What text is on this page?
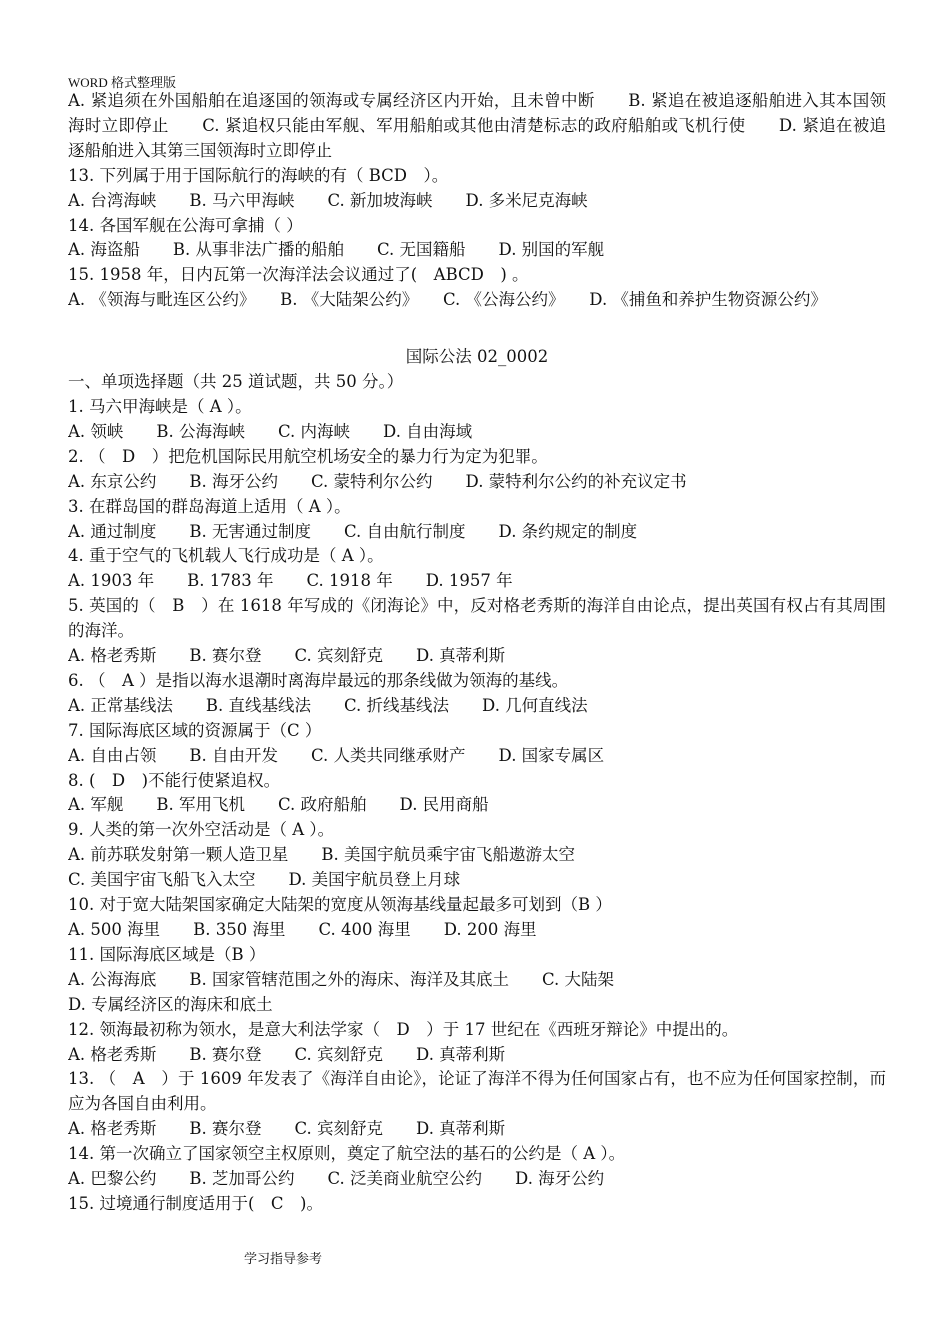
WORD 格式整理版
A. 紧追须在外国船舶在追逐国的领海或专属经济区内开始，且未曾中断　　B. 紧追在被追逐船舶进入其本国领海时立即停止　　C. 紧追权只能由军舰、军用船舶或其他由清楚标志的政府船舶或飞机行使　　D. 紧追在被追逐船舶进入其第三国领海时立即停止
13. 下列属于用于国际航行的海峡的有（ BCD　）。
A. 台湾海峡　　B. 马六甲海峡　　C. 新加坡海峡　　D. 多米尼克海峡
14. 各国军舰在公海可拿捕（ ）
A. 海盗船　　B. 从事非法广播的船舶　　C. 无国籍船　　D. 别国的军舰
15. 1958 年，日内瓦第一次海洋法会议通过了(　ABCD　) 。
A. 《领海与毗连区公约》　　B. 《大陆架公约》　　C. 《公海公约》　　D. 《捕鱼和养护生物资源公约》
国际公法 02_0002
一、单项选择题（共 25 道试题，共 50 分。）
1. 马六甲海峡是（ A ）。
A. 领峡　　B. 公海海峡　　C. 内海峡　　D. 自由海域
2. （　D　）把危机国际民用航空机场安全的暴力行为定为犯罪。
A. 东京公约　　B. 海牙公约　　C. 蒙特利尔公约　　D. 蒙特利尔公约的补充议定书
3. 在群岛国的群岛海道上适用（ A ）。
A. 通过制度　　B. 无害通过制度　　C. 自由航行制度　　D. 条约规定的制度
4. 重于空气的飞机载人飞行成功是（ A ）。
A. 1903 年　　B. 1783 年　　C. 1918 年　　D. 1957 年
5. 英国的（　B　）在 1618 年写成的《闭海论》中，反对格老秀斯的海洋自由论点，提出英国有权占有其周围的海洋。
A. 格老秀斯　　B. 赛尔登　　C. 宾刻舒克　　D. 真蒂利斯
6. （　A ）是指以海水退潮时离海岸最远的那条线做为领海的基线。
A. 正常基线法　　B. 直线基线法　　C. 折线基线法　　D. 几何直线法
7. 国际海底区域的资源属于（C ）
A. 自由占领　　B. 自由开发　　C. 人类共同继承财产　　D. 国家专属区
8. (　D　)不能行使紧追权。
A. 军舰　　B. 军用飞机　　C. 政府船舶　　D. 民用商船
9. 人类的第一次外空活动是（ A ）。
A. 前苏联发射第一颗人造卫星　　B. 美国宇航员乘宇宙飞船遨游太空
C. 美国宇宙飞船飞入太空　　D. 美国宇航员登上月球
10. 对于宽大陆架国家确定大陆架的宽度从领海基线量起最多可划到（B ）
A. 500 海里　　B. 350 海里　　C. 400 海里　　D. 200 海里
11. 国际海底区域是（B ）
A. 公海海底　　B. 国家管辖范围之外的海床、海洋及其底土　　C. 大陆架
D. 专属经济区的海床和底土
12. 领海最初称为领水，是意大利法学家（　D　）于 17 世纪在《西班牙辩论》中提出的。
A. 格老秀斯　　B. 赛尔登　　C. 宾刻舒克　　D. 真蒂利斯
13. （　A　）于 1609 年发表了《海洋自由论》，论证了海洋不得为任何国家占有，也不应为任何国家控制，而应为各国自由利用。
A. 格老秀斯　　B. 赛尔登　　C. 宾刻舒克　　D. 真蒂利斯
14. 第一次确立了国家领空主权原则，奠定了航空法的基石的公约是（ A ）。
A. 巴黎公约　　B. 芝加哥公约　　C. 泛美商业航空公约　　D. 海牙公约
15. 过境通行制度适用于(　C　)。
学习指导参考
